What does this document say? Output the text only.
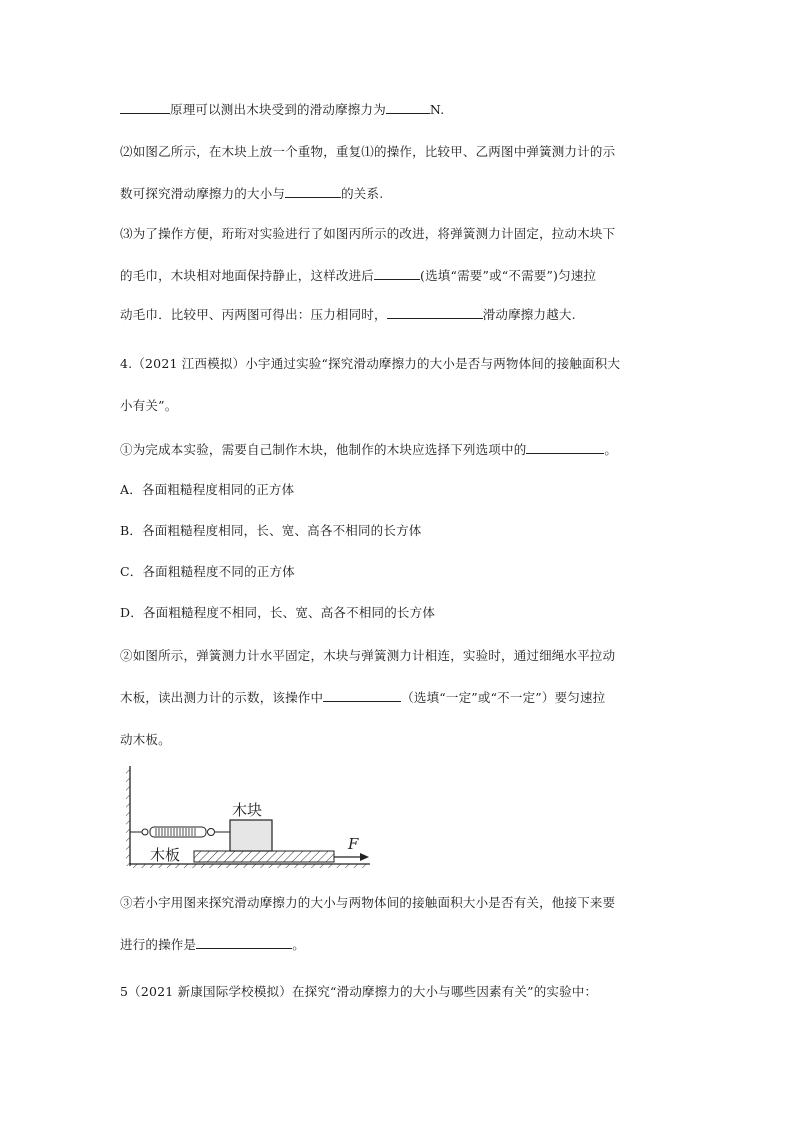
原理可以测出木块受到的滑动摩擦力为	N.
⑵如图乙所示，在木块上放一个重物，重复⑴的操作，比较甲、乙两图中弹簧测力计的示
数可探究滑动摩擦力的大小与	的关系.
⑶为了操作方便，珩珩对实验进行了如图丙所示的改进，将弹簧测力计固定，拉动木块下
的毛巾，木块相对地面保持静止，这样改进后	(选填“需要”或“不需要”)匀速拉
动毛巾．比较甲、丙两图可得出：压力相同时，	滑动摩擦力越大.
4.（2021 江西模拟）小宇通过实验“探究滑动摩擦力的大小是否与两物体间的接触面积大
小有关”。
①为完成本实验，需要自己制作木块，他制作的木块应选择下列选项中的	。
A．各面粗糙程度相同的正方体
B．各面粗糙程度相同，长、宽、高各不相同的长方体
C．各面粗糙程度不同的正方体
D．各面粗糙程度不相同，长、宽、高各不相同的长方体
②如图所示，弹簧测力计水平固定，木块与弹簧测力计相连，实验时，通过细绳水平拉动
木板，读出测力计的示数，该操作中	（选填“一定”或“不一定”）要匀速拉
动木板。
木块
木板
F
③若小宇用图来探究滑动摩擦力的大小与两物体间的接触面积大小是否有关，他接下来要
进行的操作是	。
5（2021 新康国际学校模拟）在探究“滑动摩擦力的大小与哪些因素有关”的实验中：
